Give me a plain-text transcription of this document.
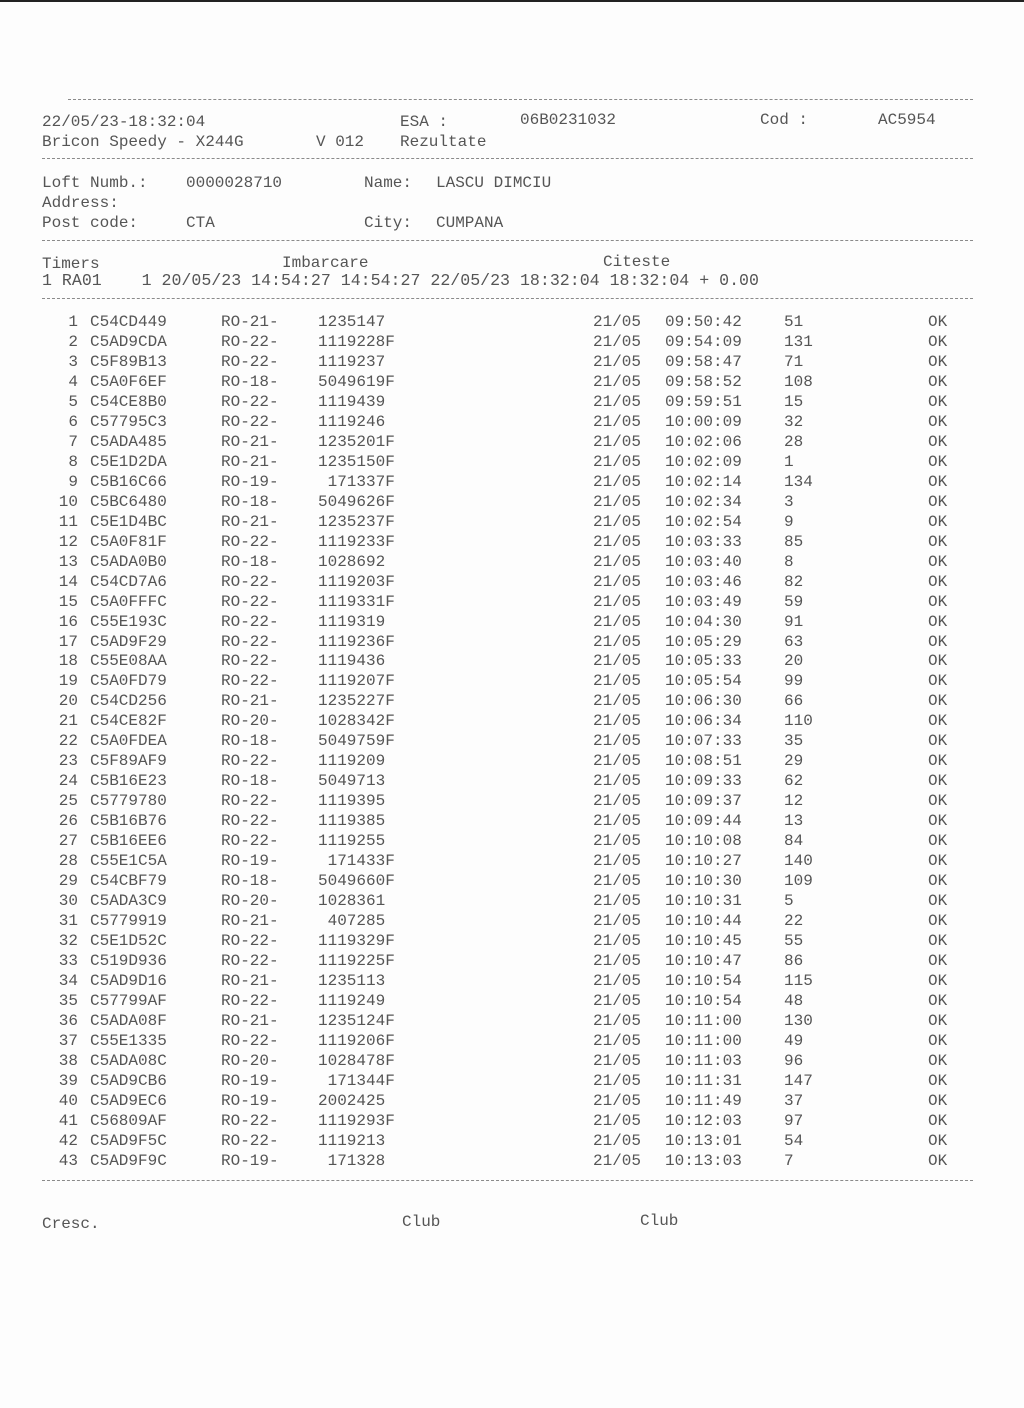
22/05/23-18:32:04	ESA :	06B0231032	Cod :	AC5954
Bricon Speedy - X244G	V 012 Rezultate
Loft Numb.: 0000028710	Name: LASCU DIMCIU
Address:
Post code:	CTA	City: CUMPANA
Timers	Imbarcare	Citeste
1 RA01    1 20/05/23 14:54:27 14:54:27 22/05/23 18:32:04 18:32:04 + 0.00
1 C54CD449	RO-21- 1235147	21/05 09:50:42	51	OK
2 C5AD9CDA	RO-22- 1119228F	21/05 09:54:09	131	OK
3 C5F89B13	RO-22- 1119237	21/05 09:58:47	71	OK
4 C5A0F6EF	RO-18- 5049619F	21/05 09:58:52	108	OK
5 C54CE8B0	RO-22- 1119439	21/05 09:59:51	15	OK
6 C57795C3	RO-22- 1119246	21/05 10:00:09	32	OK
7 C5ADA485	RO-21- 1235201F	21/05 10:02:06	28	OK
8 C5E1D2DA	RO-21- 1235150F	21/05 10:02:09	1	OK
9 C5B16C66	RO-19- 171337F	21/05 10:02:14	134	OK
10 C5BC6480	RO-18- 5049626F	21/05 10:02:34	3	OK
11 C5E1D4BC	RO-21- 1235237F	21/05 10:02:54	9	OK
12 C5A0F81F	RO-22- 1119233F	21/05 10:03:33	85	OK
13 C5ADA0B0	RO-18- 1028692	21/05 10:03:40	8	OK
14 C54CD7A6	RO-22- 1119203F	21/05 10:03:46	82	OK
15 C5A0FFFC	RO-22- 1119331F	21/05 10:03:49	59	OK
16 C55E193C	RO-22- 1119319	21/05 10:04:30	91	OK
17 C5AD9F29	RO-22- 1119236F	21/05 10:05:29	63	OK
18 C55E08AA	RO-22- 1119436	21/05 10:05:33	20	OK
19 C5A0FD79	RO-22- 1119207F	21/05 10:05:54	99	OK
20 C54CD256	RO-21- 1235227F	21/05 10:06:30	66	OK
21 C54CE82F	RO-20- 1028342F	21/05 10:06:34	110	OK
22 C5A0FDEA	RO-18- 5049759F	21/05 10:07:33	35	OK
23 C5F89AF9	RO-22- 1119209	21/05 10:08:51	29	OK
24 C5B16E23	RO-18- 5049713	21/05 10:09:33	62	OK
25 C5779780	RO-22- 1119395	21/05 10:09:37	12	OK
26 C5B16B76	RO-22- 1119385	21/05 10:09:44	13	OK
27 C5B16EE6	RO-22- 1119255	21/05 10:10:08	84	OK
28 C55E1C5A	RO-19- 171433F	21/05 10:10:27	140	OK
29 C54CBF79	RO-18- 5049660F	21/05 10:10:30	109	OK
30 C5ADA3C9	RO-20- 1028361	21/05 10:10:31	5	OK
31 C5779919	RO-21- 407285	21/05 10:10:44	22	OK
32 C5E1D52C	RO-22- 1119329F	21/05 10:10:45	55	OK
33 C519D936	RO-22- 1119225F	21/05 10:10:47	86	OK
34 C5AD9D16	RO-21- 1235113	21/05 10:10:54	115	OK
35 C57799AF	RO-22- 1119249	21/05 10:10:54	48	OK
36 C5ADA08F	RO-21- 1235124F	21/05 10:11:00	130	OK
37 C55E1335	RO-22- 1119206F	21/05 10:11:00	49	OK
38 C5ADA08C	RO-20- 1028478F	21/05 10:11:03	96	OK
39 C5AD9CB6	RO-19- 171344F	21/05 10:11:31	147	OK
40 C5AD9EC6	RO-19- 2002425	21/05 10:11:49	37	OK
41 C56809AF	RO-22- 1119293F	21/05 10:12:03	97	OK
42 C5AD9F5C	RO-22- 1119213	21/05 10:13:01	54	OK
43 C5AD9F9C	RO-19- 171328	21/05 10:13:03	7	OK
Cresc.	Club	Club
